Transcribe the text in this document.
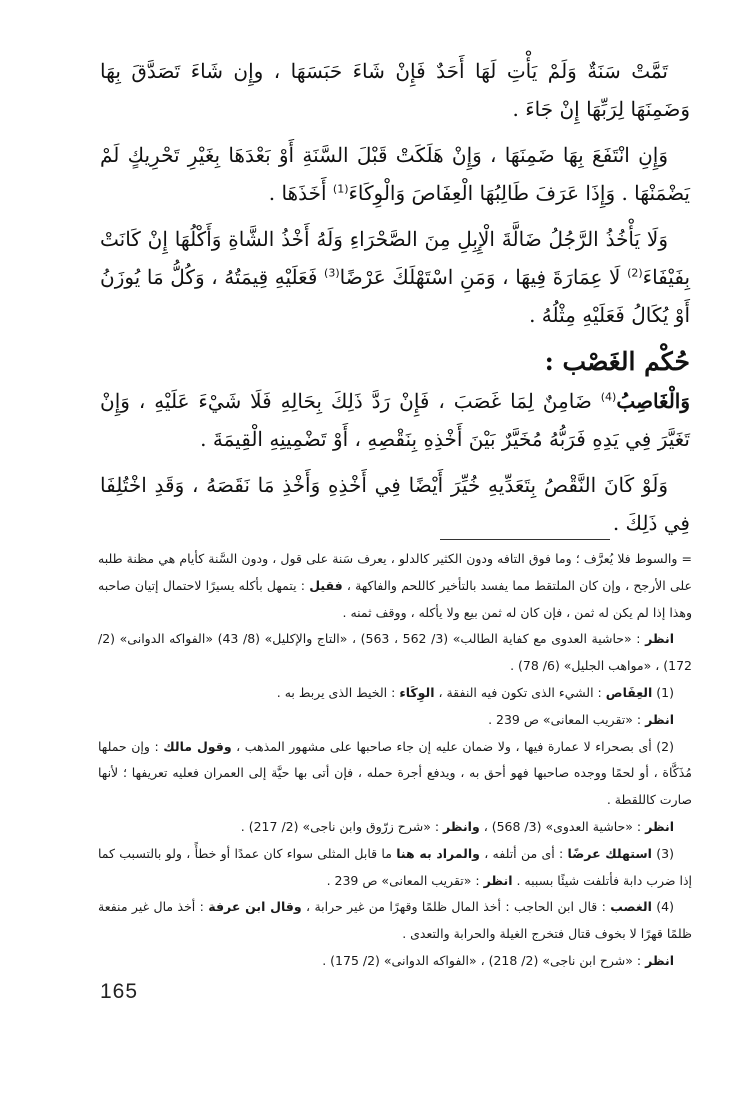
تَمَّتْ سَنَةٌ وَلَمْ يَأْتِ لَهَا أَحَدٌ فَإِنْ شَاءَ حَبَسَهَا ، وإِن شَاءَ تَصَدَّقَ بِهَا وَضَمِنَهَا لِرَبِّهَا إِنْ جَاءَ .

وَإِنِ انْتَفَعَ بِهَا ضَمِنَهَا ، وَإِنْ هَلَكَتْ قَبْلَ السَّنَةِ أَوْ بَعْدَهَا بِغَيْرِ تَحْرِيكٍ لَمْ يَضْمَنْهَا . وَإِذَا عَرَفَ طَالِبُهَا الْعِفَاصَ وَالْوِكَاءَ$^{(1)}$ أَخَذَهَا .

وَلَا يَأْخُذُ الرَّجُلُ ضَالَّةَ الْإِبِلِ مِنَ الصَّحْرَاءِ وَلَهُ أَخْذُ الشَّاةِ وَأَكْلُهَا إِنْ كَانَتْ بِفَيْفَاءَ$^{(2)}$ لَا عِمَارَةَ فِيهَا ، وَمَنِ اسْتَهْلَكَ عَرْضًا$^{(3)}$ فَعَلَيْهِ قِيمَتُهُ ، وَكُلُّ مَا يُوزَنُ أَوْ يُكَالُ فَعَلَيْهِ مِثْلُهُ .

حُكْم الغَصْب :

وَالْغَاصِبُ$^{(4)}$ ضَامِنٌ لِمَا غَصَبَ ، فَإِنْ رَدَّ ذَلِكَ بِحَالِهِ فَلَا شَيْءَ عَلَيْهِ ، وَإِنْ تَغَيَّرَ فِي يَدِهِ فَرَبُّهُ مُخَيَّرٌ بَيْنَ أَخْذِهِ بِنَقْصِهِ ، أَوْ تَضْمِينِهِ الْقِيمَةَ .

وَلَوْ كَانَ النَّقْصُ بِتَعَدِّيهِ خُيِّرَ أَيْضًا فِي أَخْذِهِ وَأَخْذِ مَا نَقَصَهُ ، وَقَدِ اخْتُلِفَا فِي ذَلِكَ .

= والسوط فلا يُعرَّف ؛ وما فوق التافه ودون الكثير كالدلو ، يعرف سَنة على قول ، ودون السَّنة كأيام هي مظنة طلبه على الأرجح ، وإن كان الملتقط مما يفسد بالتأخير كاللحم والفاكهة ، فقيل : يتمهل بأكله يسيرًا لاحتمال إتيان صاحبه وهذا إذا لم يكن له ثمن ، فإن كان له ثمن بيع ولا يأكله ، ووقف ثمنه .

انظر : «حاشية العدوى مع كفاية الطالب» (3/ 562 ، 563) ، «التاج والإكليل» (8/ 43) «الفواكه الدوانى» (2/ 172) ، «مواهب الجليل» (6/ 78) .

(1) العِفَاص : الشيء الذى تكون فيه النفقة ، الوِكَاء : الخيط الذى يربط به .

انظر : «تقريب المعانى» ص 239 .

(2) أى بصحراء لا عمارة فيها ، ولا ضمان عليه إن جاء صاحبها على مشهور المذهب ، وقول مالك : وإن حملها مُذَكَّاة ، أو لحمًا ووجده صاحبها فهو أحق به ، ويدفع أجرة حمله ، فإن أتى بها حيَّة إلى العمران فعليه تعريفها ؛ لأنها صارت كاللقطة .

انظر : «حاشية العدوى» (3/ 568) ، وانظر : «شرح زرّوق وابن ناجى» (2/ 217) .

(3) استهلك عرضًا : أى من أتلفه ، والمراد به هنا ما قابل المثلى سواء كان عمدًا أو خطأً ، ولو بالتسبب كما إذا ضرب دابة فأتلفت شيئًا بسببه . انظر : «تقريب المعانى» ص 239 .

(4) الغصب : قال ابن الحاجب : أخذ المال ظلمًا وقهرًا من غير حرابة ، وقال ابن عرفة : أخذ مال غير منفعة ظلمًا قهرًا لا بخوف قتال فتخرج الغيلة والحرابة والتعدى .

انظر : «شرح ابن ناجى» (2/ 218) ، «الفواكه الدوانى» (2/ 175) .

165
